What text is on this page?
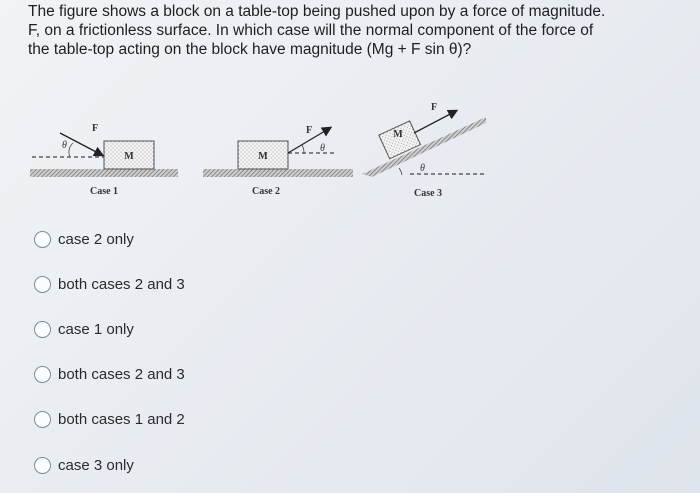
The figure shows a block on a table-top being pushed upon by a force of magnitude.
F, on a frictionless surface. In which case will the normal component of the force of
the table-top acting on the block have magnitude (Mg + F sin θ)?
M
F
θ
Case 1
M
F
θ
Case 2
M
F
θ
Case 3
case 2 only
both cases 2 and 3
case 1 only
both cases 2 and 3
both cases 1 and 2
case 3 only
